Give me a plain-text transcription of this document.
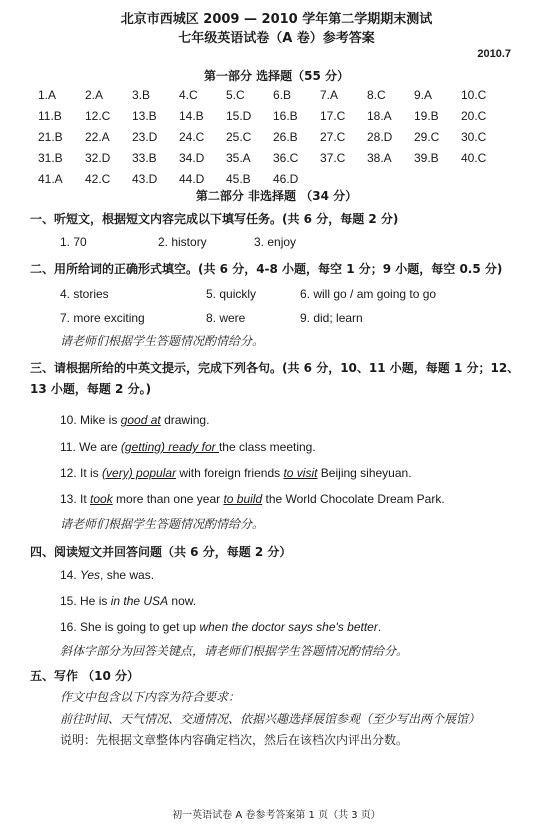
北京市西城区 2009 — 2010 学年第二学期期末测试
七年级英语试卷（A 卷）参考答案
2010.7
第一部分 选择题（55 分）
1.A 2.A 3.B 4.C 5.C 6.B 7.A 8.C 9.A 10.C
11.B 12.C 13.B 14.B 15.D 16.B 17.C 18.A 19.B 20.C
21.B 22.A 23.D 24.C 25.C 26.B 27.C 28.D 29.C 30.C
31.B 32.D 33.B 34.D 35.A 36.C 37.C 38.A 39.B 40.C
41.A 42.C 43.D 44.D 45.B 46.D
第二部分 非选择题 （34 分）
一、听短文，根据短文内容完成以下填写任务。(共 6 分，每题 2 分)
1. 70	2. history	3. enjoy
二、用所给词的正确形式填空。(共 6 分，4-8 小题，每空 1 分；9 小题，每空 0.5 分)
4. stories	5. quickly	6. will go / am going to go
7. more exciting	8. were	9. did; learn
请老师们根据学生答题情况酌情给分。
三、请根据所给的中英文提示，完成下列各句。(共 6 分，10、11 小题，每题 1 分；12、13 小题，每题 2 分。)
10. Mike is good at drawing.
11. We are (getting) ready for the class meeting.
12. It is (very) popular with foreign friends to visit Beijing siheyuan.
13. It took more than one year to build the World Chocolate Dream Park.
请老师们根据学生答题情况酌情给分。
四、阅读短文并回答问题（共 6 分，每题 2 分）
14. Yes, she was.
15. He is in the USA now.
16. She is going to get up when the doctor says she's better.
斜体字部分为回答关键点，请老师们根据学生答题情况酌情给分。
五、写作 （10 分）
作文中包含以下内容为符合要求：
前往时间、天气情况、交通情况、依据兴趣选择展馆参观（至少写出两个展馆）
说明：先根据文章整体内容确定档次，然后在该档次内评出分数。
初一英语试卷 A 卷参考答案第 1 页（共 3 页）
